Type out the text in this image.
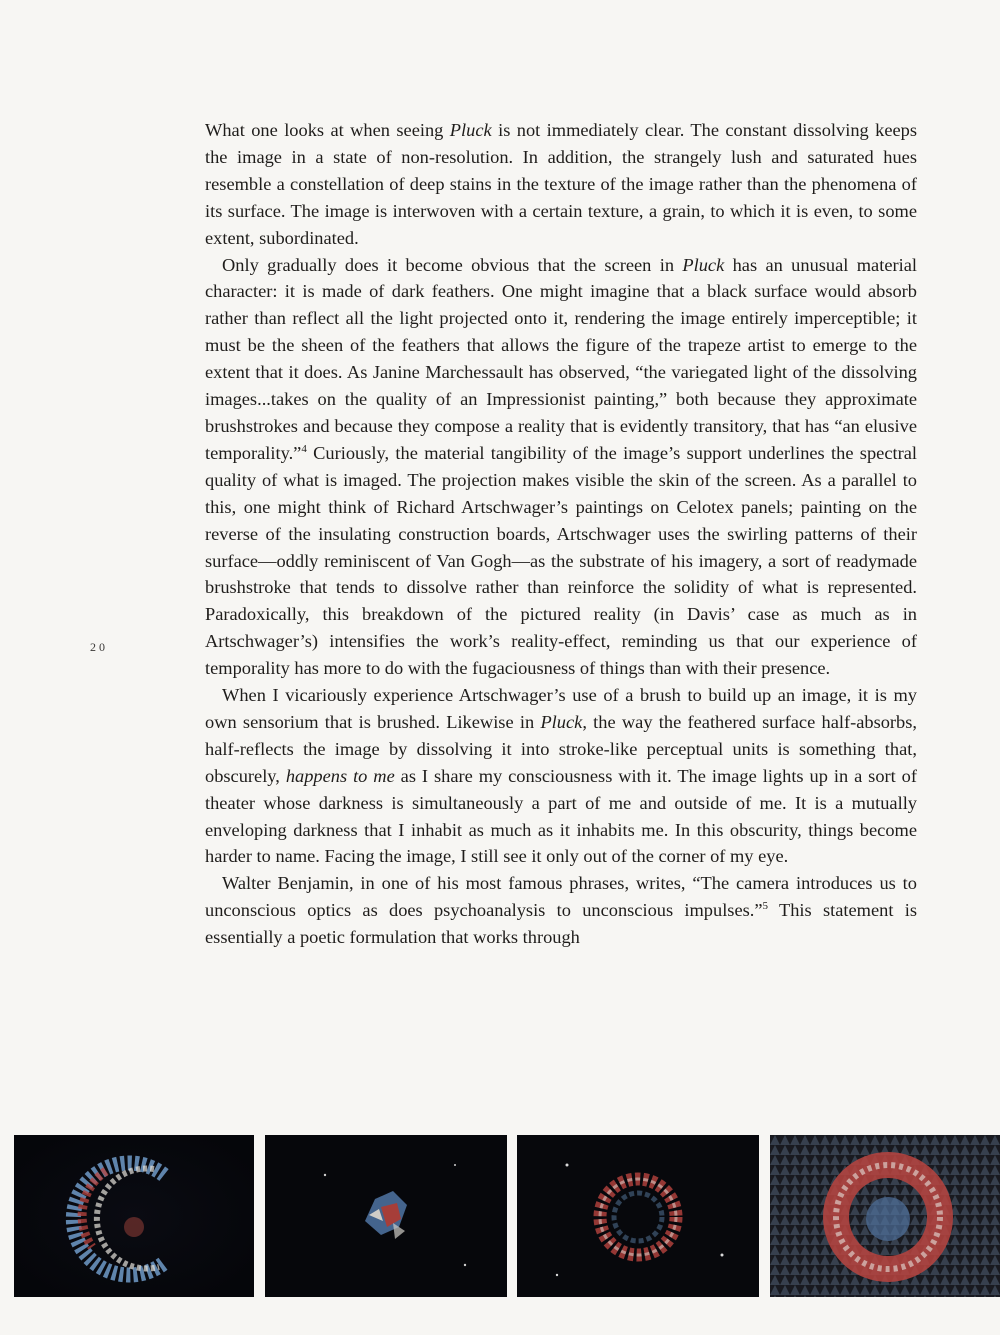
20

What one looks at when seeing Pluck is not immediately clear. The constant dissolving keeps the image in a state of non-resolution. In addition, the strangely lush and saturated hues resemble a constellation of deep stains in the texture of the image rather than the phenomena of its surface. The image is interwoven with a certain texture, a grain, to which it is even, to some extent, subordinated.

Only gradually does it become obvious that the screen in Pluck has an unusual material character: it is made of dark feathers. One might imagine that a black surface would absorb rather than reflect all the light projected onto it, rendering the image entirely imperceptible; it must be the sheen of the feathers that allows the figure of the trapeze artist to emerge to the extent that it does. As Janine Marchessault has observed, “the variegated light of the dissolving images...takes on the quality of an Impressionist painting,” both because they approximate brushstrokes and because they compose a reality that is evidently transitory, that has “an elusive temporality.”$^4$ Curiously, the material tangibility of the image’s support underlines the spectral quality of what is imaged. The projection makes visible the skin of the screen. As a parallel to this, one might think of Richard Artschwager’s paintings on Celotex panels; painting on the reverse of the insulating construction boards, Artschwager uses the swirling patterns of their surface—oddly reminiscent of Van Gogh—as the substrate of his imagery, a sort of readymade brushstroke that tends to dissolve rather than reinforce the solidity of what is represented. Paradoxically, this breakdown of the pictured reality (in Davis’ case as much as in Artschwager’s) intensifies the work’s reality-effect, reminding us that our experience of temporality has more to do with the fugaciousness of things than with their presence.

When I vicariously experience Artschwager’s use of a brush to build up an image, it is my own sensorium that is brushed. Likewise in Pluck, the way the feathered surface half-absorbs, half-reflects the image by dissolving it into stroke-like perceptual units is something that, obscurely, happens to me as I share my consciousness with it. The image lights up in a sort of theater whose darkness is simultaneously a part of me and outside of me. It is a mutually enveloping darkness that I inhabit as much as it inhabits me. In this obscurity, things become harder to name. Facing the image, I still see it only out of the corner of my eye.

Walter Benjamin, in one of his most famous phrases, writes, “The camera introduces us to unconscious optics as does psychoanalysis to unconscious impulses.”$^5$ This statement is essentially a poetic formulation that works through
